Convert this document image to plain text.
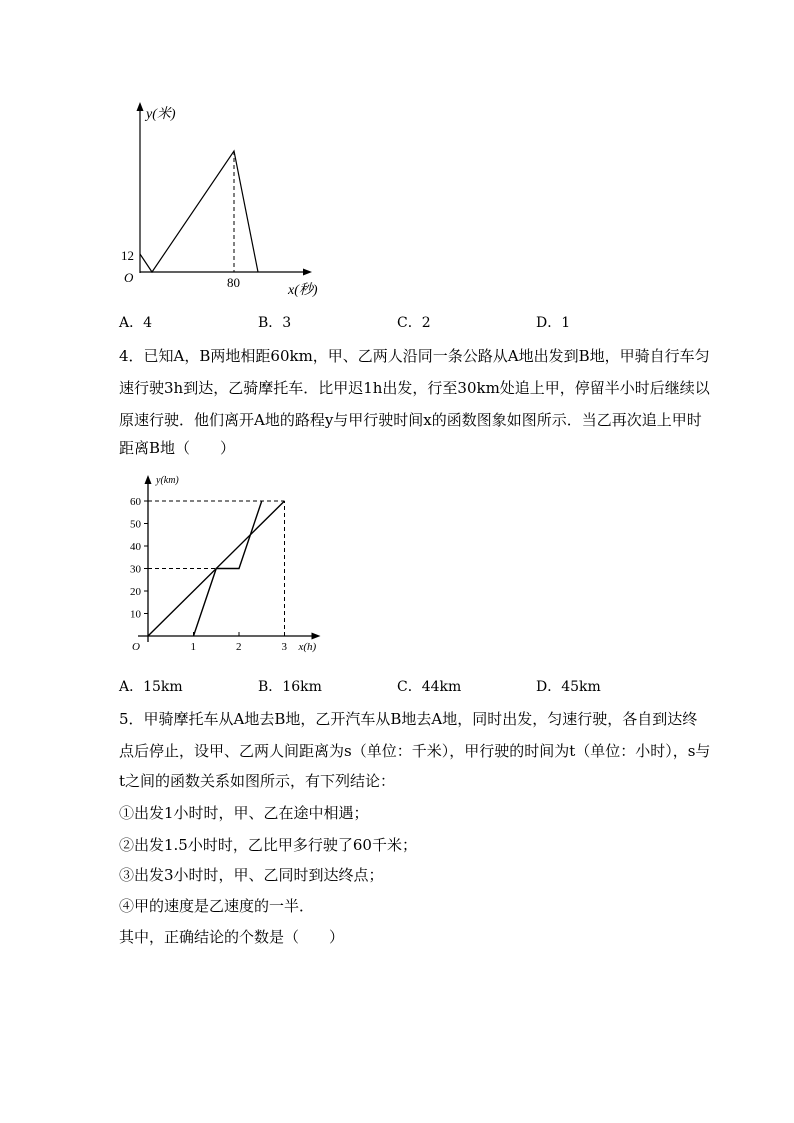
y(米)
12
O	80
x(秒)
A．4	B．3	C．2	D．1
4．已知A，B两地相距60km，甲、乙两人沿同一条公路从A地出发到B地，甲骑自行车匀
速行驶3h到达，乙骑摩托车．比甲迟1h出发，行至30km处追上甲，停留半小时后继续以
原速行驶．他们离开A地的路程y与甲行驶时间x的函数图象如图所示．当乙再次追上甲时
距离B地（　　）
10
20
30
40
50
60
1	2	3
y(km)
x(h)
O
A．15km	B．16km	C．44km	D．45km
5．甲骑摩托车从A地去B地，乙开汽车从B地去A地，同时出发，匀速行驶，各自到达终
点后停止，设甲、乙两人间距离为s（单位：千米），甲行驶的时间为t（单位：小时），s与
t之间的函数关系如图所示，有下列结论：
①出发1小时时，甲、乙在途中相遇；
②出发1.5小时时，乙比甲多行驶了60千米；
③出发3小时时，甲、乙同时到达终点；
④甲的速度是乙速度的一半．
其中，正确结论的个数是（　　）
